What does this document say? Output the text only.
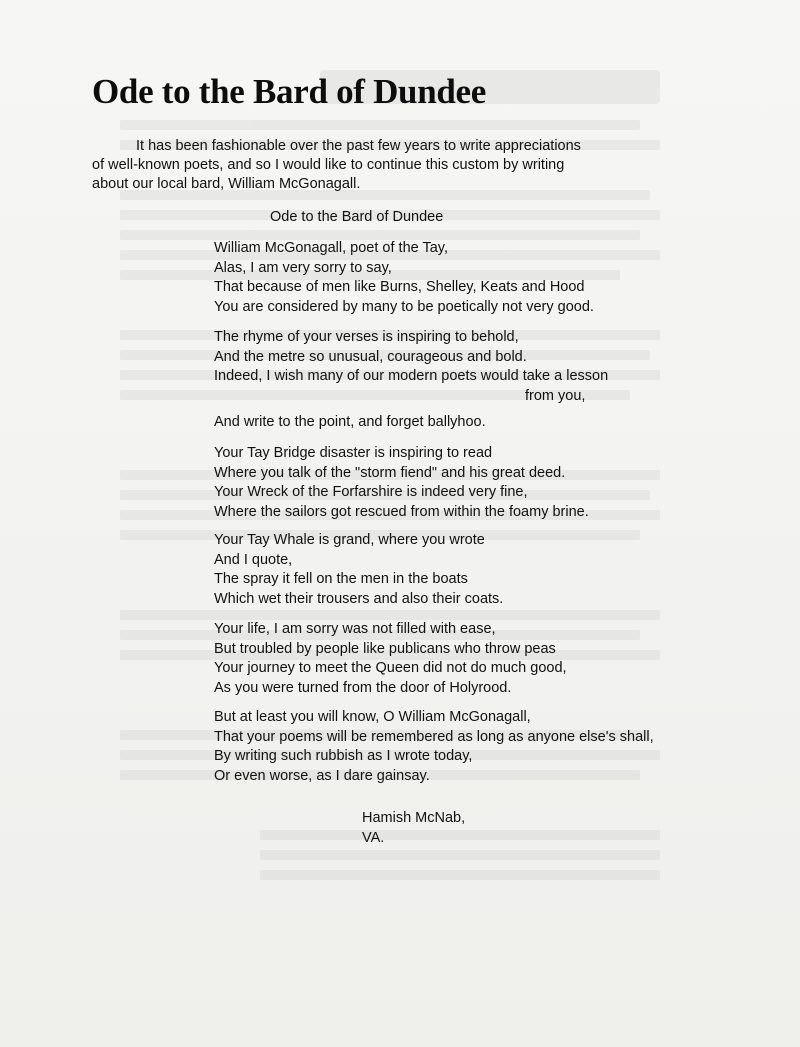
Ode to the Bard of Dundee

It has been fashionable over the past few years to write appreciations

of well-known poets, and so I would like to continue this custom by writing

about our local bard, William McGonagall.

Ode to the Bard of Dundee
William McGonagall, poet of the Tay,
Alas, I am very sorry to say,
That because of men like Burns, Shelley, Keats and Hood
You are considered by many to be poetically not very good.
The rhyme of your verses is inspiring to behold,
And the metre so unusual, courageous and bold.
Indeed, I wish many of our modern poets would take a lesson
from you,
And write to the point, and forget ballyhoo.
Your Tay Bridge disaster is inspiring to read
Where you talk of the "storm fiend" and his great deed.
Your Wreck of the Forfarshire is indeed very fine,
Where the sailors got rescued from within the foamy brine.
Your Tay Whale is grand, where you wrote
And I quote,
The spray it fell on the men in the boats
Which wet their trousers and also their coats.
Your life, I am sorry was not filled with ease,
But troubled by people like publicans who throw peas
Your journey to meet the Queen did not do much good,
As you were turned from the door of Holyrood.
But at least you will know, O William McGonagall,
That your poems will be remembered as long as anyone else's shall,
By writing such rubbish as I wrote today,
Or even worse, as I dare gainsay.
Hamish McNab,
VA.
